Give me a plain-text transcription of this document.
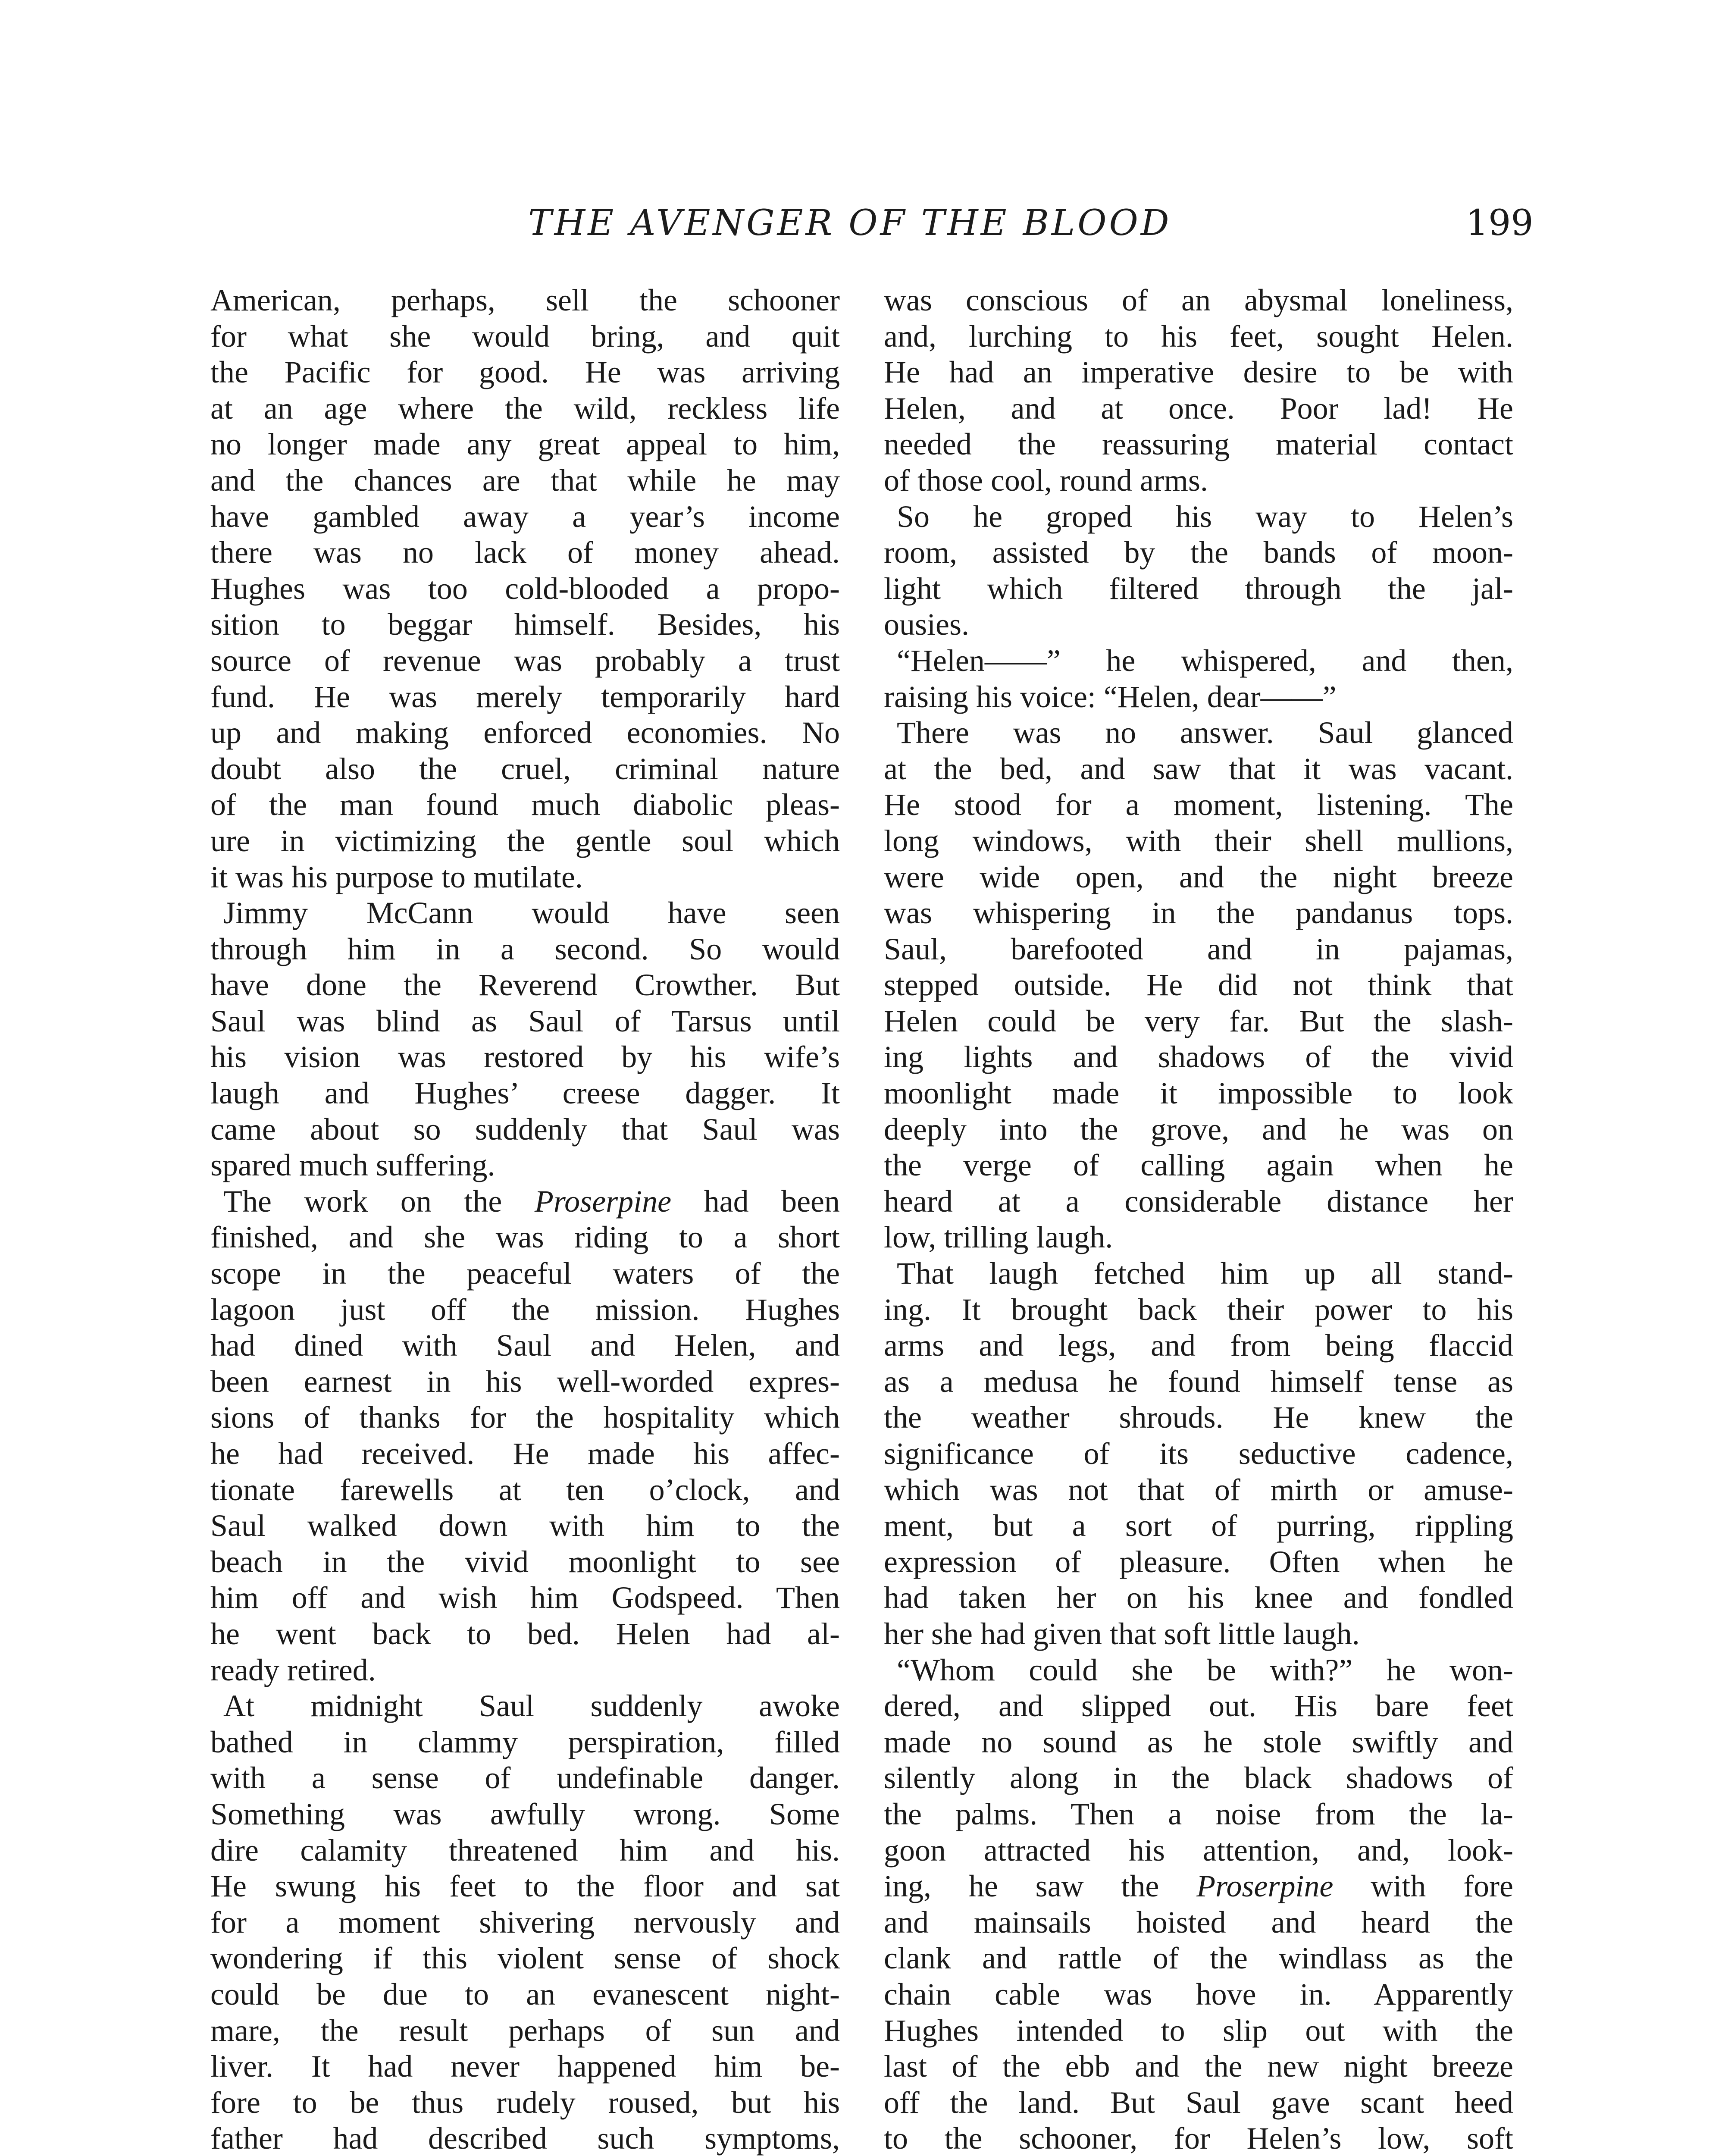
THE AVENGER OF THE BLOOD	199
American, perhaps, sell the schooner
for what she would bring, and quit
the Pacific for good. He was arriving
at an age where the wild, reckless life
no longer made any great appeal to him,
and the chances are that while he may
have gambled away a year’s income
there was no lack of money ahead.
Hughes was too cold-blooded a propo-
sition to beggar himself. Besides, his
source of revenue was probably a trust
fund. He was merely temporarily hard
up and making enforced economies. No
doubt also the cruel, criminal nature
of the man found much diabolic pleas-
ure in victimizing the gentle soul which
it was his purpose to mutilate.
Jimmy McCann would have seen
through him in a second. So would
have done the Reverend Crowther. But
Saul was blind as Saul of Tarsus until
his vision was restored by his wife’s
laugh and Hughes’ creese dagger. It
came about so suddenly that Saul was
spared much suffering.
The work on the Proserpine had been
finished, and she was riding to a short
scope in the peaceful waters of the
lagoon just off the mission. Hughes
had dined with Saul and Helen, and
been earnest in his well-worded expres-
sions of thanks for the hospitality which
he had received. He made his affec-
tionate farewells at ten o’clock, and
Saul walked down with him to the
beach in the vivid moonlight to see
him off and wish him Godspeed. Then
he went back to bed. Helen had al-
ready retired.
At midnight Saul suddenly awoke
bathed in clammy perspiration, filled
with a sense of undefinable danger.
Something was awfully wrong. Some
dire calamity threatened him and his.
He swung his feet to the floor and sat
for a moment shivering nervously and
wondering if this violent sense of shock
could be due to an evanescent night-
mare, the result perhaps of sun and
liver. It had never happened him be-
fore to be thus rudely roused, but his
father had described such symptoms,
was conscious of an abysmal loneliness,
and, lurching to his feet, sought Helen.
He had an imperative desire to be with
Helen, and at once. Poor lad! He
needed the reassuring material contact
of those cool, round arms.
So he groped his way to Helen’s
room, assisted by the bands of moon-
light which filtered through the jal-
ousies.
“Helen——” he whispered, and then,
raising his voice: “Helen, dear——”
There was no answer. Saul glanced
at the bed, and saw that it was vacant.
He stood for a moment, listening. The
long windows, with their shell mullions,
were wide open, and the night breeze
was whispering in the pandanus tops.
Saul, barefooted and in pajamas,
stepped outside. He did not think that
Helen could be very far. But the slash-
ing lights and shadows of the vivid
moonlight made it impossible to look
deeply into the grove, and he was on
the verge of calling again when he
heard at a considerable distance her
low, trilling laugh.
That laugh fetched him up all stand-
ing. It brought back their power to his
arms and legs, and from being flaccid
as a medusa he found himself tense as
the weather shrouds. He knew the
significance of its seductive cadence,
which was not that of mirth or amuse-
ment, but a sort of purring, rippling
expression of pleasure. Often when he
had taken her on his knee and fondled
her she had given that soft little laugh.
“Whom could she be with?” he won-
dered, and slipped out. His bare feet
made no sound as he stole swiftly and
silently along in the black shadows of
the palms. Then a noise from the la-
goon attracted his attention, and, look-
ing, he saw the Proserpine with fore
and mainsails hoisted and heard the
clank and rattle of the windlass as the
chain cable was hove in. Apparently
Hughes intended to slip out with the
last of the ebb and the new night breeze
off the land. But Saul gave scant heed
to the schooner, for Helen’s low, soft
